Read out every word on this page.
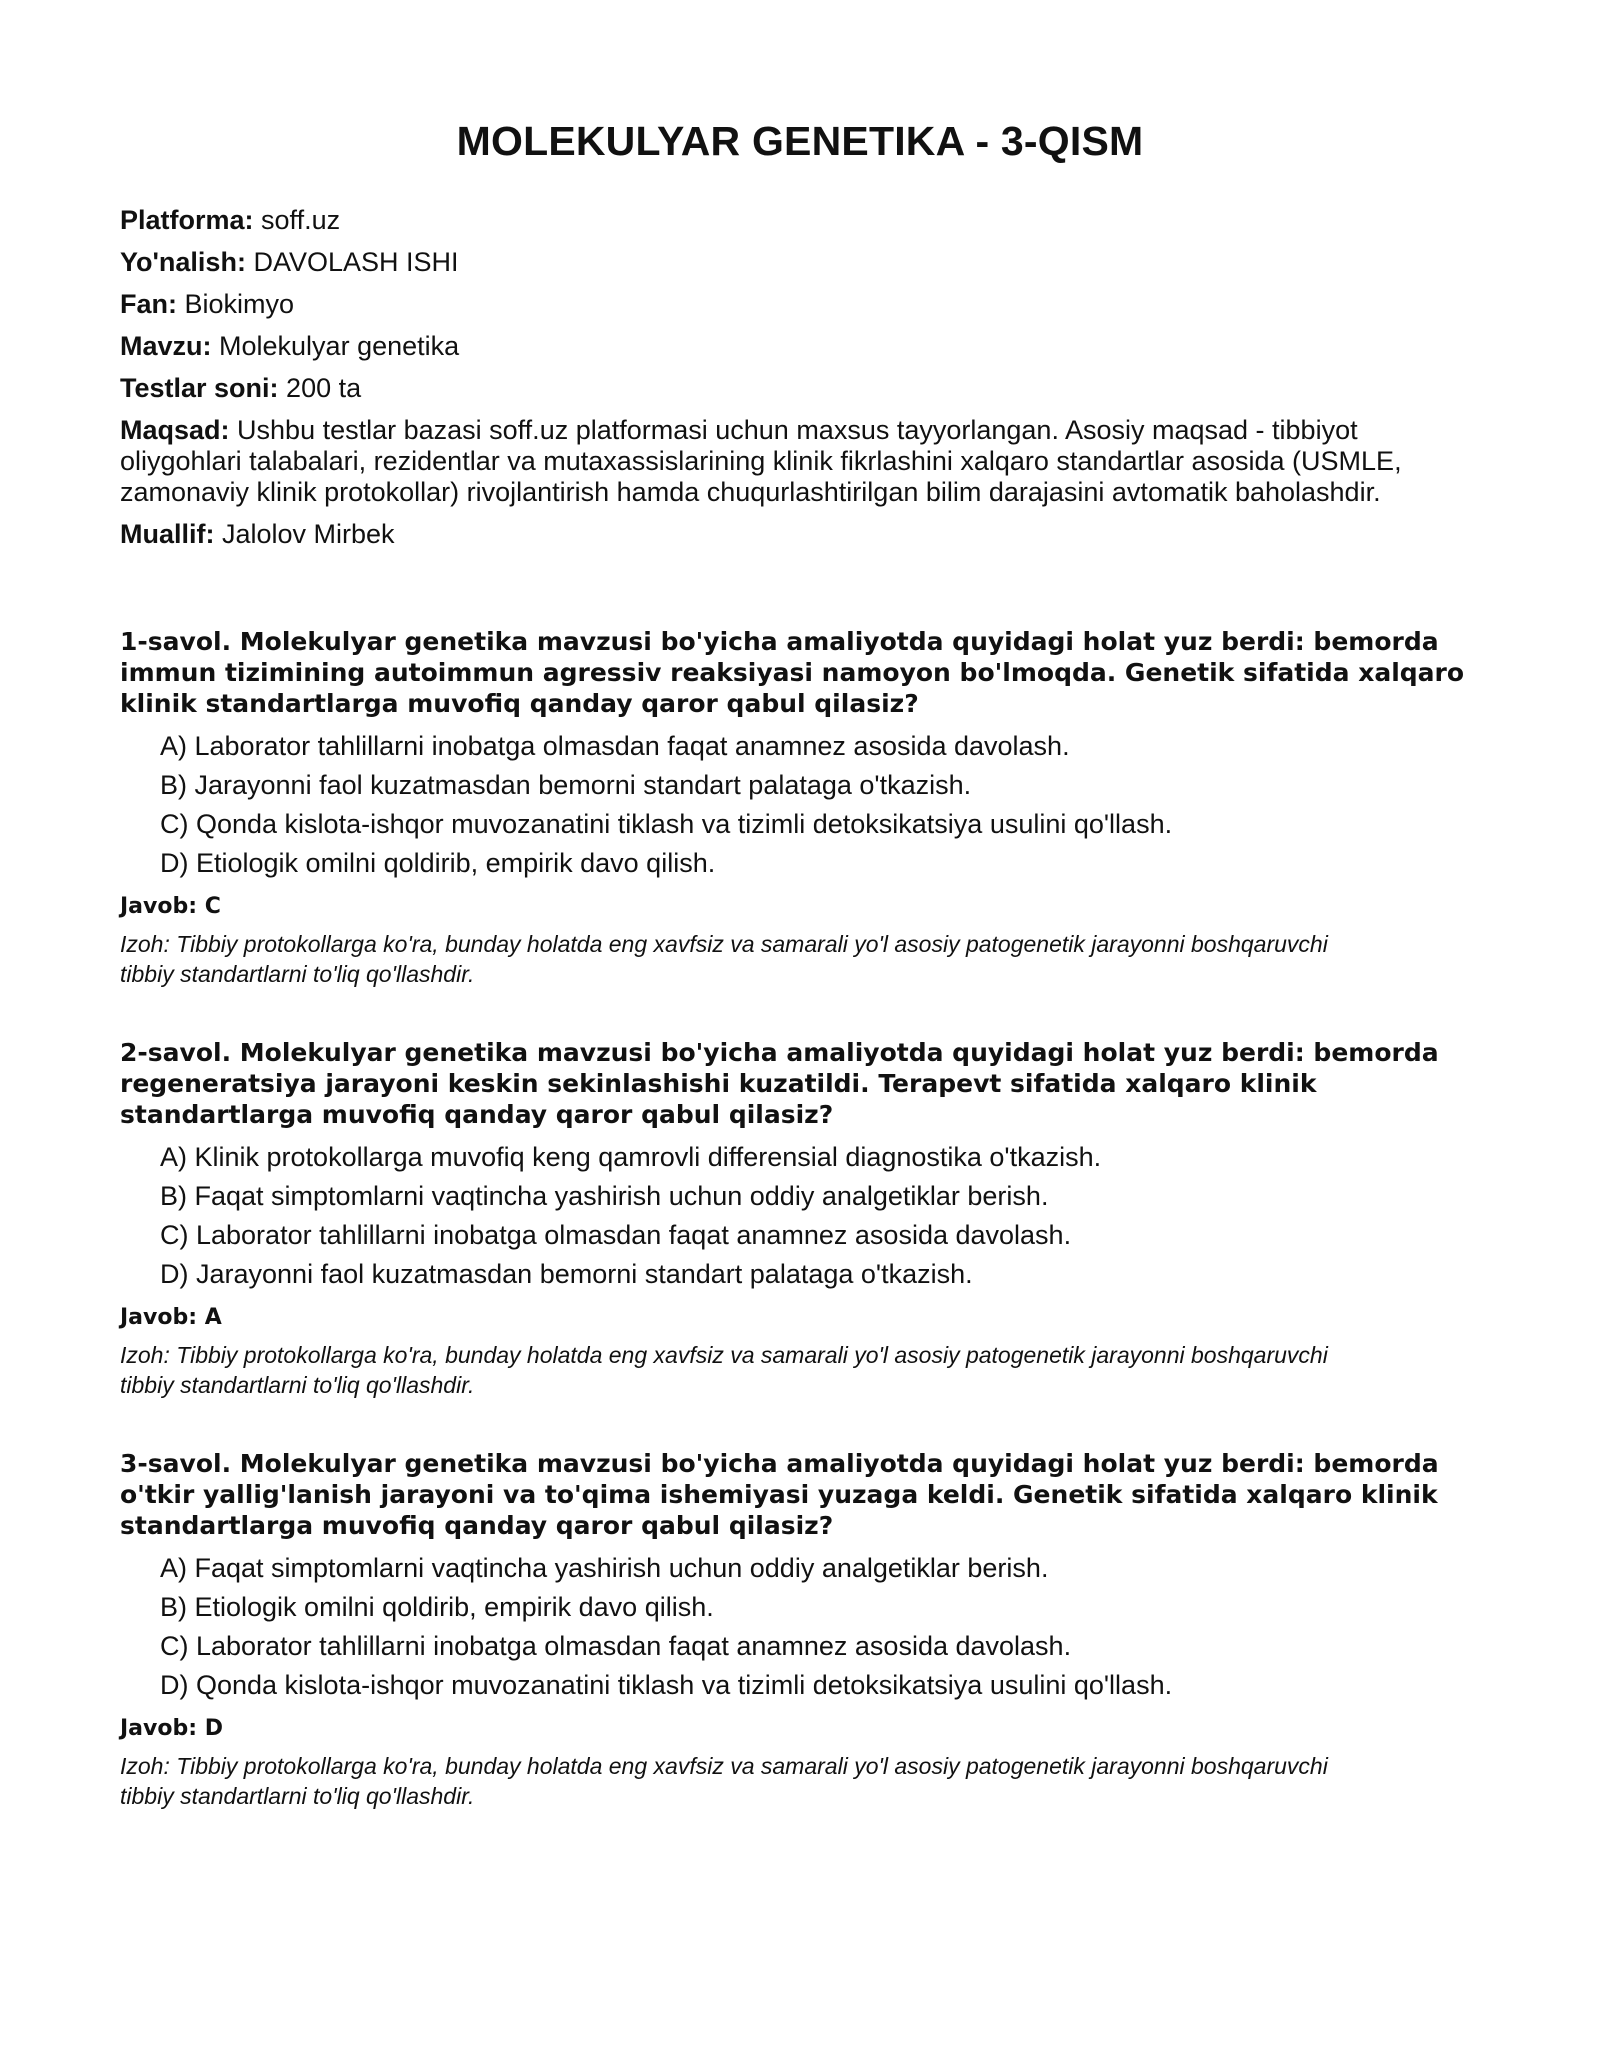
MOLEKULYAR GENETIKA - 3-QISM

Platforma: soff.uz

Yo'nalish: DAVOLASH ISHI

Fan: Biokimyo

Mavzu: Molekulyar genetika

Testlar soni: 200 ta

Maqsad: Ushbu testlar bazasi soff.uz platformasi uchun maxsus tayyorlangan. Asosiy maqsad - tibbiyot oliygohlari talabalari, rezidentlar va mutaxassislarining klinik fikrlashini xalqaro standartlar asosida (USMLE, zamonaviy klinik protokollar) rivojlantirish hamda chuqurlashtirilgan bilim darajasini avtomatik baholashdir.

Muallif: Jalolov Mirbek

1-savol. Molekulyar genetika mavzusi bo'yicha amaliyotda quyidagi holat yuz berdi: bemorda immun tizimining autoimmun agressiv reaksiyasi namoyon bo'lmoqda. Genetik sifatida xalqaro klinik standartlarga muvofiq qanday qaror qabul qilasiz?

A) Laborator tahlillarni inobatga olmasdan faqat anamnez asosida davolash.

B) Jarayonni faol kuzatmasdan bemorni standart palataga o'tkazish.

C) Qonda kislota-ishqor muvozanatini tiklash va tizimli detoksikatsiya usulini qo'llash.

D) Etiologik omilni qoldirib, empirik davo qilish.

Javob: C

Izoh: Tibbiy protokollarga ko'ra, bunday holatda eng xavfsiz va samarali yo'l asosiy patogenetik jarayonni boshqaruvchi tibbiy standartlarni to'liq qo'llashdir.

2-savol. Molekulyar genetika mavzusi bo'yicha amaliyotda quyidagi holat yuz berdi: bemorda regeneratsiya jarayoni keskin sekinlashishi kuzatildi. Terapevt sifatida xalqaro klinik standartlarga muvofiq qanday qaror qabul qilasiz?

A) Klinik protokollarga muvofiq keng qamrovli differensial diagnostika o'tkazish.

B) Faqat simptomlarni vaqtincha yashirish uchun oddiy analgetiklar berish.

C) Laborator tahlillarni inobatga olmasdan faqat anamnez asosida davolash.

D) Jarayonni faol kuzatmasdan bemorni standart palataga o'tkazish.

Javob: A

Izoh: Tibbiy protokollarga ko'ra, bunday holatda eng xavfsiz va samarali yo'l asosiy patogenetik jarayonni boshqaruvchi tibbiy standartlarni to'liq qo'llashdir.

3-savol. Molekulyar genetika mavzusi bo'yicha amaliyotda quyidagi holat yuz berdi: bemorda o'tkir yallig'lanish jarayoni va to'qima ishemiyasi yuzaga keldi. Genetik sifatida xalqaro klinik standartlarga muvofiq qanday qaror qabul qilasiz?

A) Faqat simptomlarni vaqtincha yashirish uchun oddiy analgetiklar berish.

B) Etiologik omilni qoldirib, empirik davo qilish.

C) Laborator tahlillarni inobatga olmasdan faqat anamnez asosida davolash.

D) Qonda kislota-ishqor muvozanatini tiklash va tizimli detoksikatsiya usulini qo'llash.

Javob: D

Izoh: Tibbiy protokollarga ko'ra, bunday holatda eng xavfsiz va samarali yo'l asosiy patogenetik jarayonni boshqaruvchi tibbiy standartlarni to'liq qo'llashdir.
